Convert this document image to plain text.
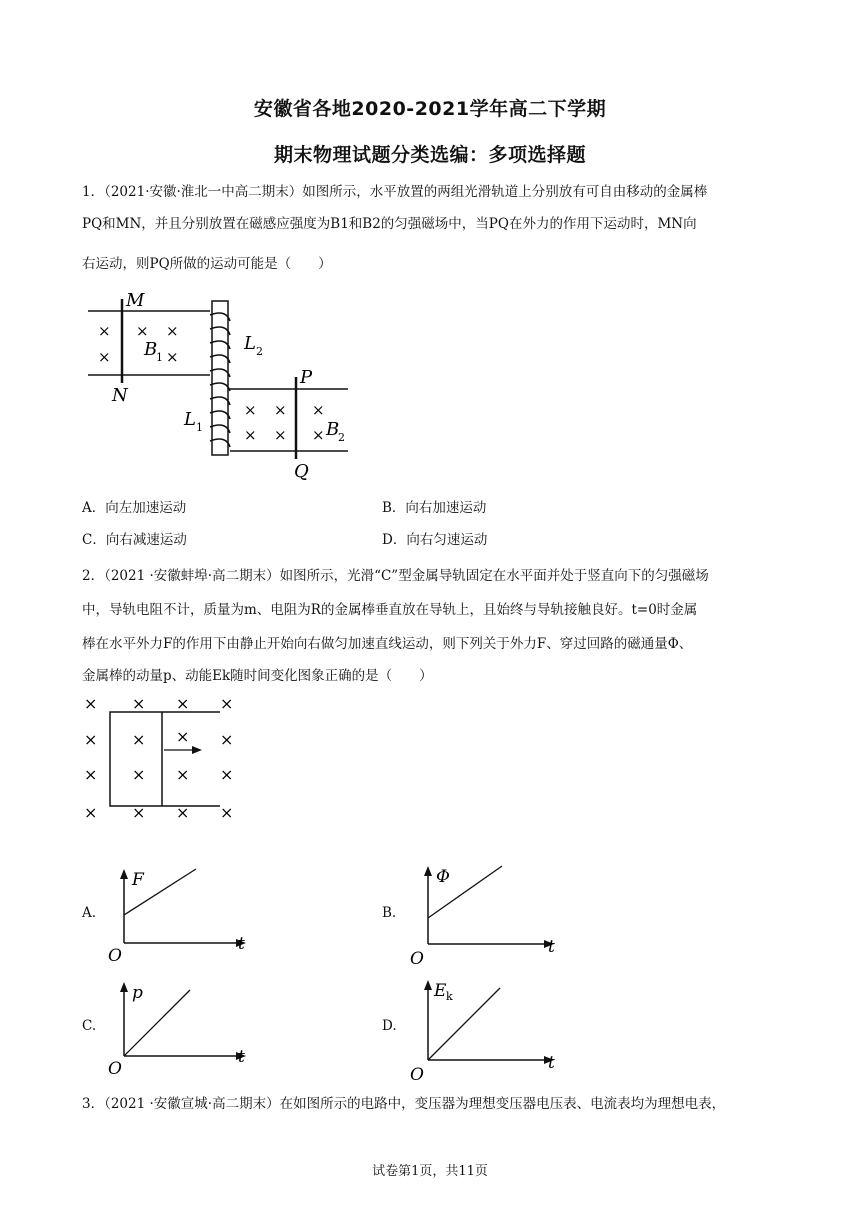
安徽省各地2020-2021学年高二下学期
期末物理试题分类选编：多项选择题
1．（2021·安徽·淮北一中高二期末）如图所示，水平放置的两组光滑轨道上分别放有可自由移动的金属棒
PQ和MN，并且分别放置在磁感应强度为B1和B2的匀强磁场中，当PQ在外力的作用下运动时，MN向
右运动，则PQ所做的运动可能是（　　）
M
N
×
×
× ×
×
B
1
L 2
L 1
P
Q
× ×
× ×
×
× B
2
A．向左加速运动	B．向右加速运动
C．向右减速运动	D．向右匀速运动
2．（2021 ·安徽蚌埠·高二期末）如图所示，光滑“C”型金属导轨固定在水平面并处于竖直向下的匀强磁场
中，导轨电阻不计，质量为m、电阻为R的金属棒垂直放在导轨上，且始终与导轨接触良好。t=0时金属
棒在水平外力F的作用下由静止开始向右做匀加速直线运动，则下列关于外力F、穿过回路的磁通量Φ、
金属棒的动量p、动能Ek随时间变化图象正确的是（　　）
× × × ×
× × × ×
× × × ×
× × × ×
A.
F
O
t
B.
Φ
O
t
C.
p
O
t
D.
E k
O
t
3．（2021 ·安徽宣城·高二期末）在如图所示的电路中，变压器为理想变压器电压表、电流表均为理想电表，
试卷第1页，共11页
